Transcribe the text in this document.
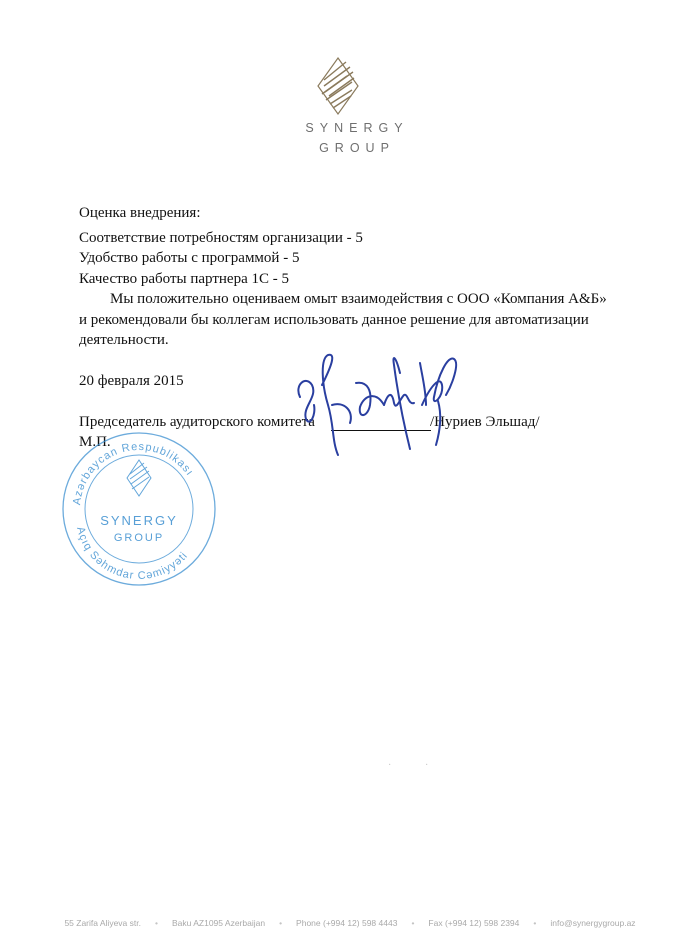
SYNERGY
GROUP
Оценка внедрения:
Соответствие потребностям организации - 5
Удобство работы с программой - 5
Качество работы партнера 1С - 5
Мы положительно оцениваем омыт взаимодействия с ООО «Компания А&Б»
и рекомендовали бы коллегам использовать данное решение для автоматизации
деятельности.
20 февраля 2015
Председатель аудиторского комитета	/Нуриев Эльшад/
М.П.
Azərbaycan Respublikası
Açıq Səhmdar Cəmiyyəti
SYNERGY
GROUP
·	·
55 Zarifa Aliyeva str. • Baku AZ1095 Azerbaijan • Phone (+994 12) 598 4443 • Fax (+994 12) 598 2394 • info@synergygroup.az
